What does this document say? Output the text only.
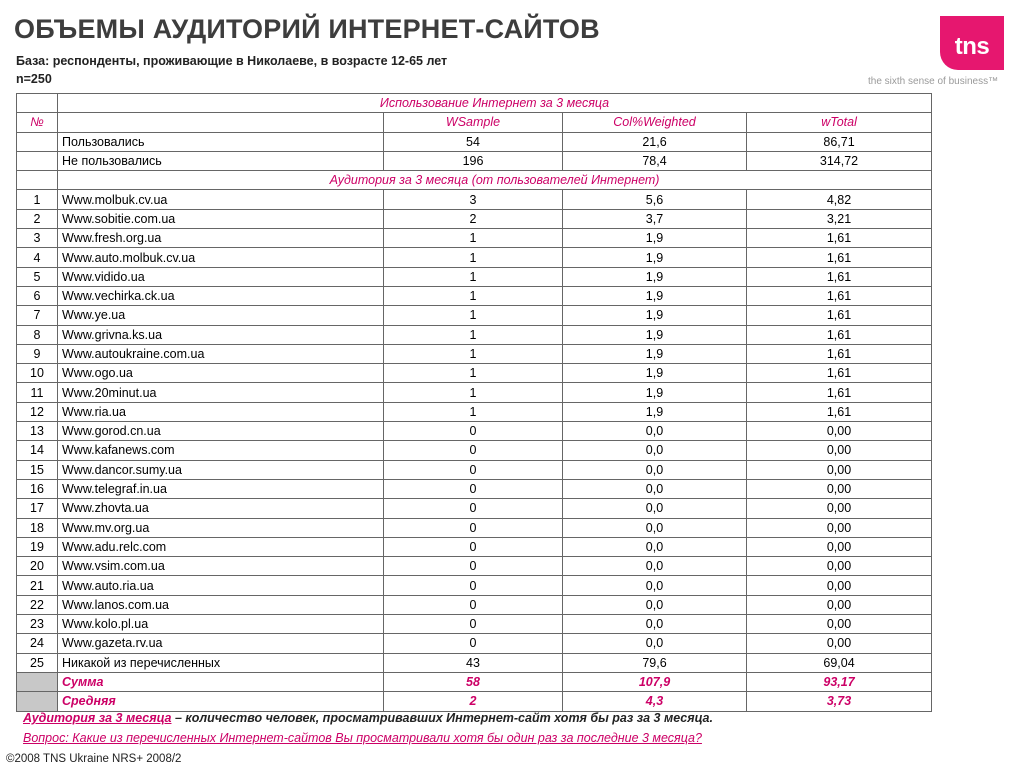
ОБЪЕМЫ АУДИТОРИЙ ИНТЕРНЕТ-САЙТОВ
База: респонденты, проживающие в Николаеве, в возрасте 12-65 лет
n=250
tns
the sixth sense of business™
	Использование Интернет за 3 месяца			
№		WSample	Col%Weighted	wTotal
	Пользовались	54	21,6	86,71
	Не пользовались	196	78,4	314,72
	Аудитория за 3 месяца (от пользователей Интернет)			
1	Www.molbuk.cv.ua	3	5,6	4,82
2	Www.sobitie.com.ua	2	3,7	3,21
3	Www.fresh.org.ua	1	1,9	1,61
4	Www.auto.molbuk.cv.ua	1	1,9	1,61
5	Www.vidido.ua	1	1,9	1,61
6	Www.vechirka.ck.ua	1	1,9	1,61
7	Www.ye.ua	1	1,9	1,61
8	Www.grivna.ks.ua	1	1,9	1,61
9	Www.autoukraine.com.ua	1	1,9	1,61
10	Www.ogo.ua	1	1,9	1,61
11	Www.20minut.ua	1	1,9	1,61
12	Www.ria.ua	1	1,9	1,61
13	Www.gorod.cn.ua	0	0,0	0,00
14	Www.kafanews.com	0	0,0	0,00
15	Www.dancor.sumy.ua	0	0,0	0,00
16	Www.telegraf.in.ua	0	0,0	0,00
17	Www.zhovta.ua	0	0,0	0,00
18	Www.mv.org.ua	0	0,0	0,00
19	Www.adu.relc.com	0	0,0	0,00
20	Www.vsim.com.ua	0	0,0	0,00
21	Www.auto.ria.ua	0	0,0	0,00
22	Www.lanos.com.ua	0	0,0	0,00
23	Www.kolo.pl.ua	0	0,0	0,00
24	Www.gazeta.rv.ua	0	0,0	0,00
25	Никакой из перечисленных	43	79,6	69,04
	Сумма	58	107,9	93,17
	Средняя	2	4,3	3,73
Аудитория за 3 месяца – количество человек, просматривавших Интернет-сайт хотя бы раз за 3 месяца.
Вопрос: Какие из перечисленных Интернет-сайтов Вы просматривали хотя бы один раз за последние 3 месяца?
©2008 TNS Ukraine NRS+ 2008/2
